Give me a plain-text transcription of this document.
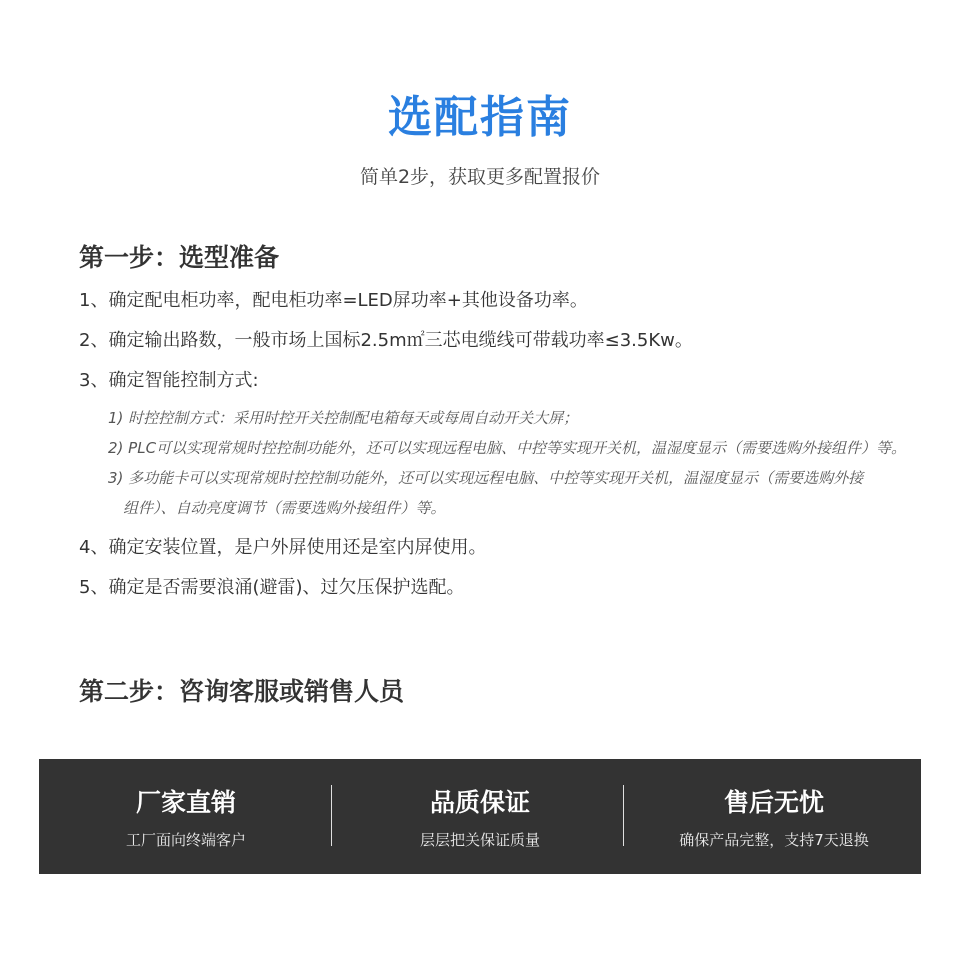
选配指南
简单2步，获取更多配置报价
第一步：选型准备
1、确定配电柜功率，配电柜功率=LED屏功率+其他设备功率。
2、确定输出路数，一般市场上国标2.5m㎡三芯电缆线可带载功率≤3.5Kw。
3、确定智能控制方式:
1) 时控控制方式：采用时控开关控制配电箱每天或每周自动开关大屏；
2) PLC可以实现常规时控控制功能外，还可以实现远程电脑、中控等实现开关机，温湿度显示（需要选购外接组件）等。
3) 多功能卡可以实现常规时控控制功能外，还可以实现远程电脑、中控等实现开关机，温湿度显示（需要选购外接
组件）、自动亮度调节（需要选购外接组件）等。
4、确定安装位置，是户外屏使用还是室内屏使用。
5、确定是否需要浪涌(避雷)、过欠压保护选配。
第二步：咨询客服或销售人员
厂家直销
工厂面向终端客户
品质保证
层层把关保证质量
售后无忧
确保产品完整，支持7天退换
